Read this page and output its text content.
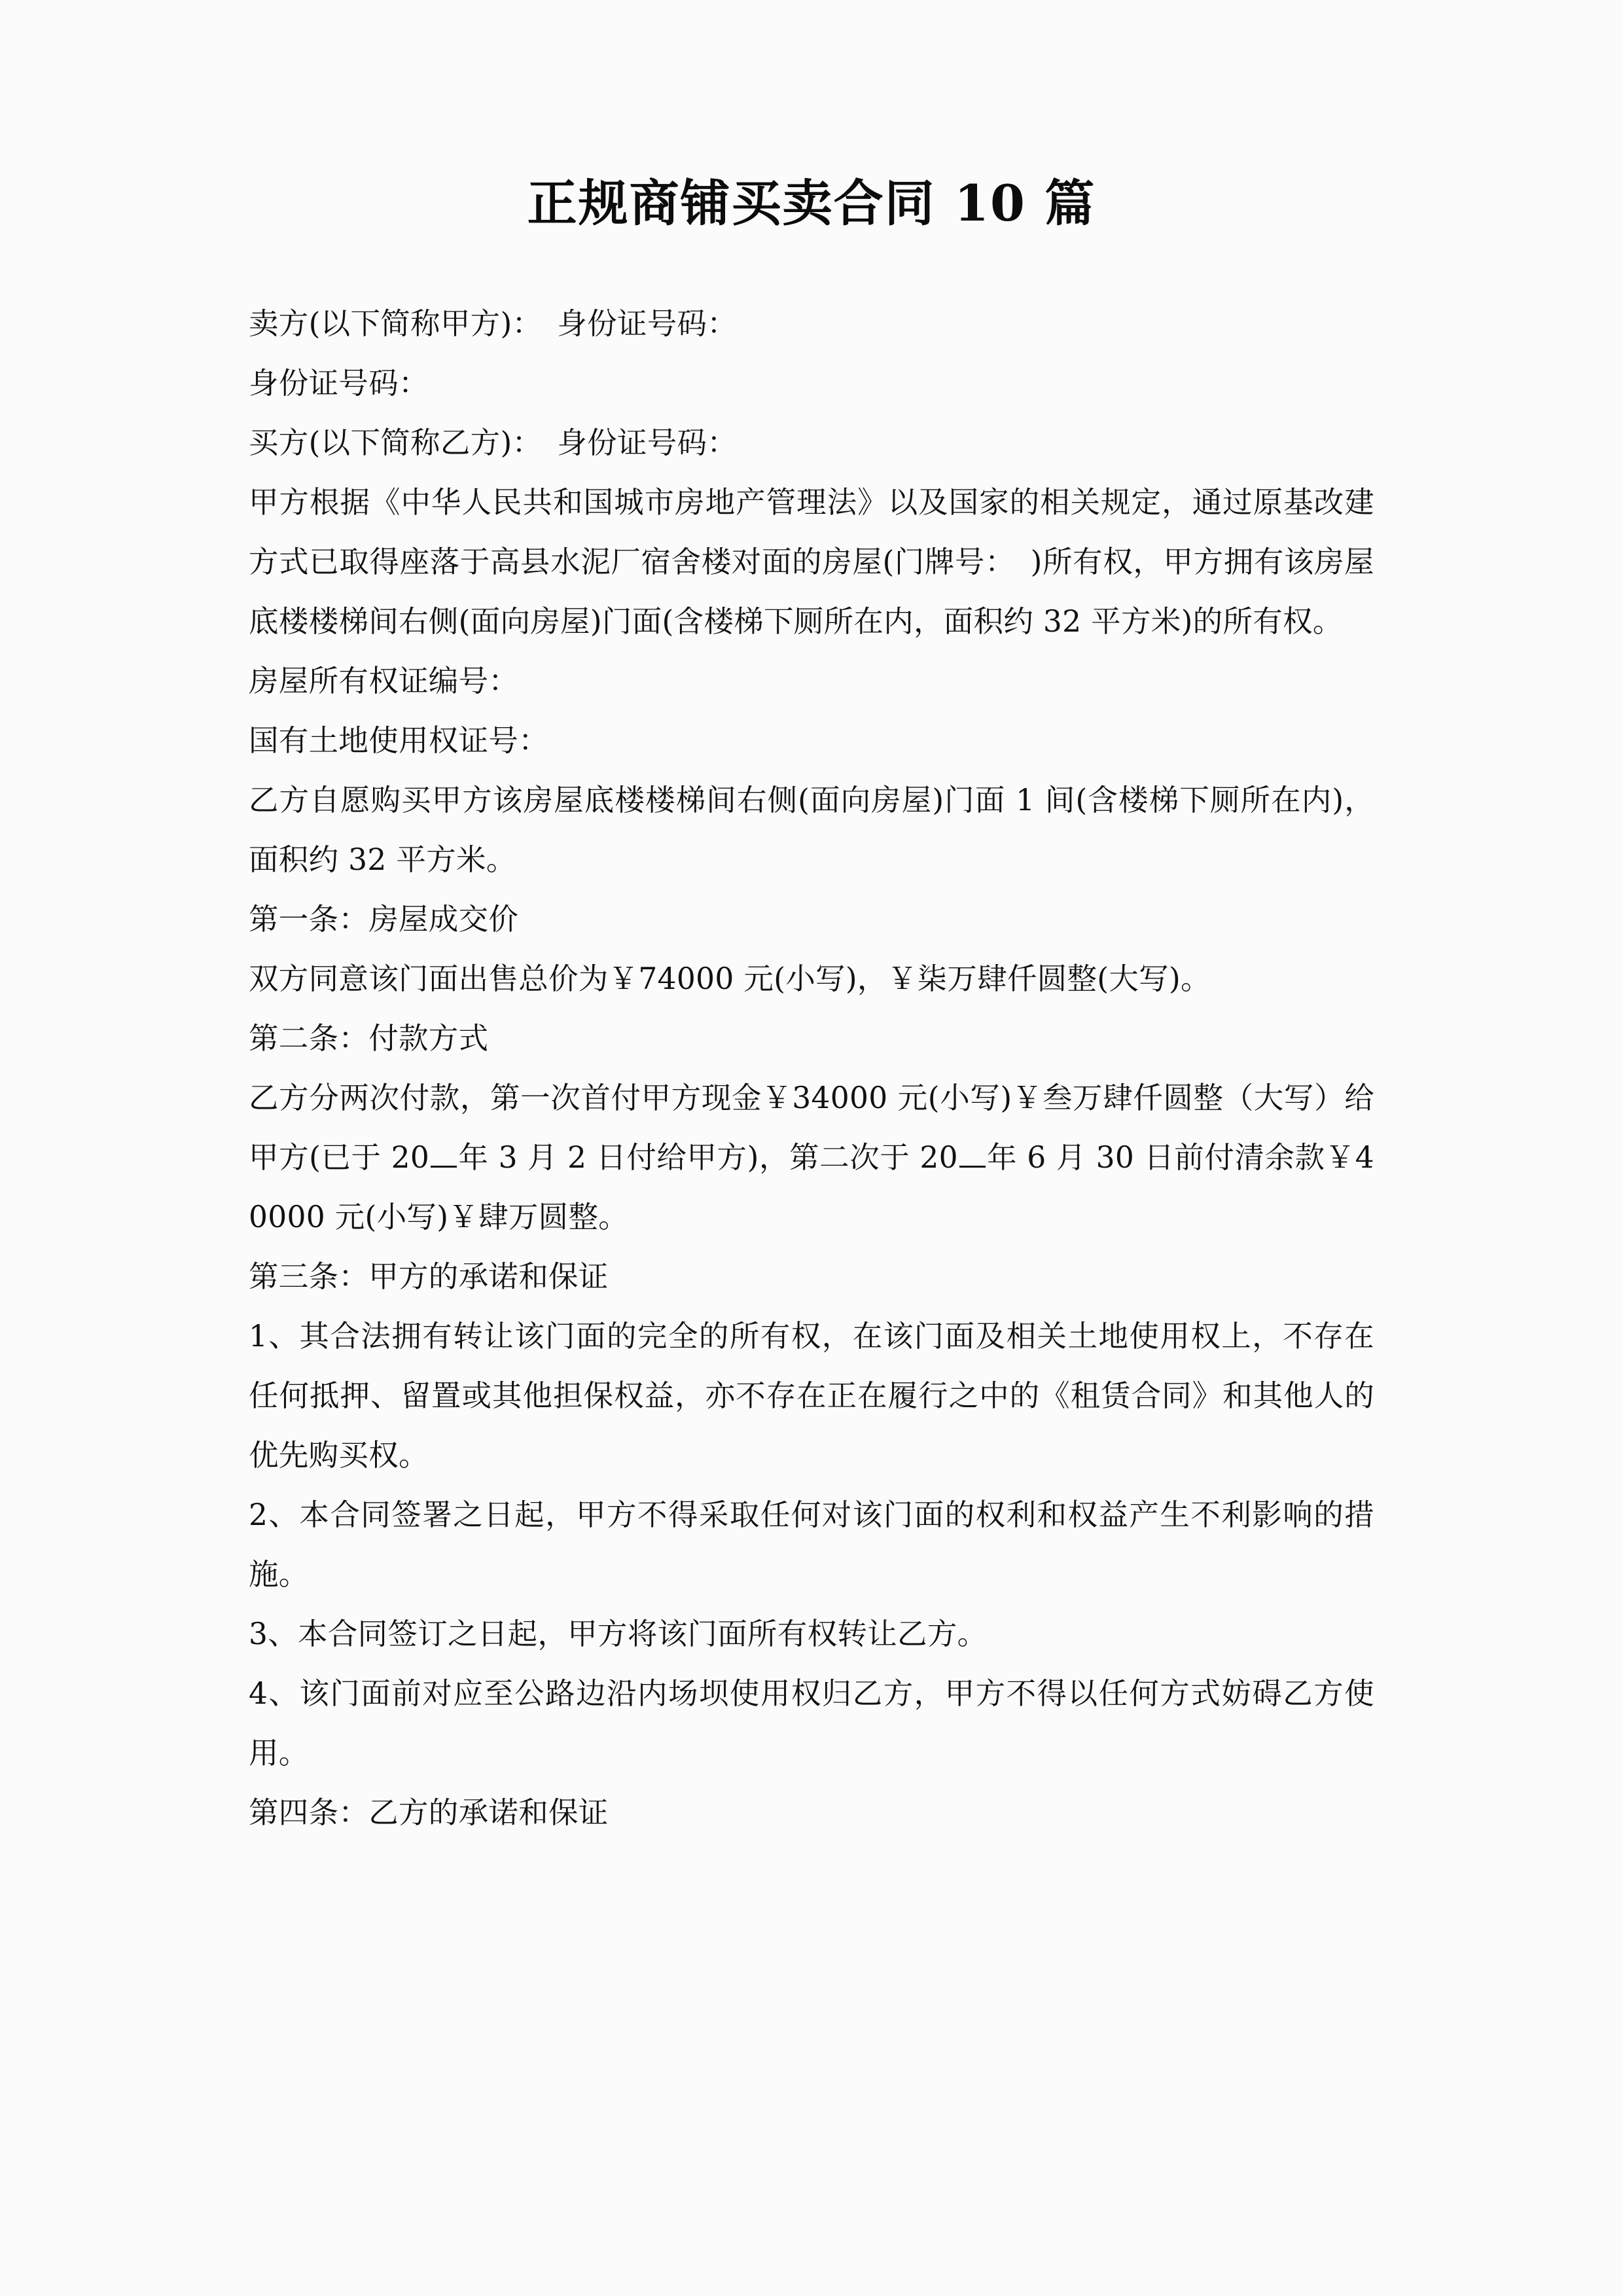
正规商铺买卖合同 10 篇

卖方(以下简称甲方)：　身份证号码：

身份证号码：

买方(以下简称乙方)：　身份证号码：

甲方根据《中华人民共和国城市房地产管理法》以及国家的相关规定，通过原基改建方式已取得座落于高县水泥厂宿舍楼对面的房屋(门牌号：　)所有权，甲方拥有该房屋底楼楼梯间右侧(面向房屋)门面(含楼梯下厕所在内，面积约 32 平方米)的所有权。

房屋所有权证编号：

国有土地使用权证号：

乙方自愿购买甲方该房屋底楼楼梯间右侧(面向房屋)门面 1 间(含楼梯下厕所在内)，面积约 32 平方米。

第一条：房屋成交价

双方同意该门面出售总价为￥74000 元(小写)，￥柒万肆仟圆整(大写)。

第二条：付款方式

乙方分两次付款，第一次首付甲方现金￥34000 元(小写)￥叁万肆仟圆整（大写）给甲方(已于 20 年 3 月 2 日付给甲方)，第二次于 20 年 6 月 30 日前付清余款￥40000 元(小写)￥肆万圆整。

第三条：甲方的承诺和保证

1、其合法拥有转让该门面的完全的所有权，在该门面及相关土地使用权上，不存在任何抵押、留置或其他担保权益，亦不存在正在履行之中的《租赁合同》和其他人的优先购买权。

2、本合同签署之日起，甲方不得采取任何对该门面的权利和权益产生不利影响的措施。

3、本合同签订之日起，甲方将该门面所有权转让乙方。

4、该门面前对应至公路边沿内场坝使用权归乙方，甲方不得以任何方式妨碍乙方使用。

第四条：乙方的承诺和保证
